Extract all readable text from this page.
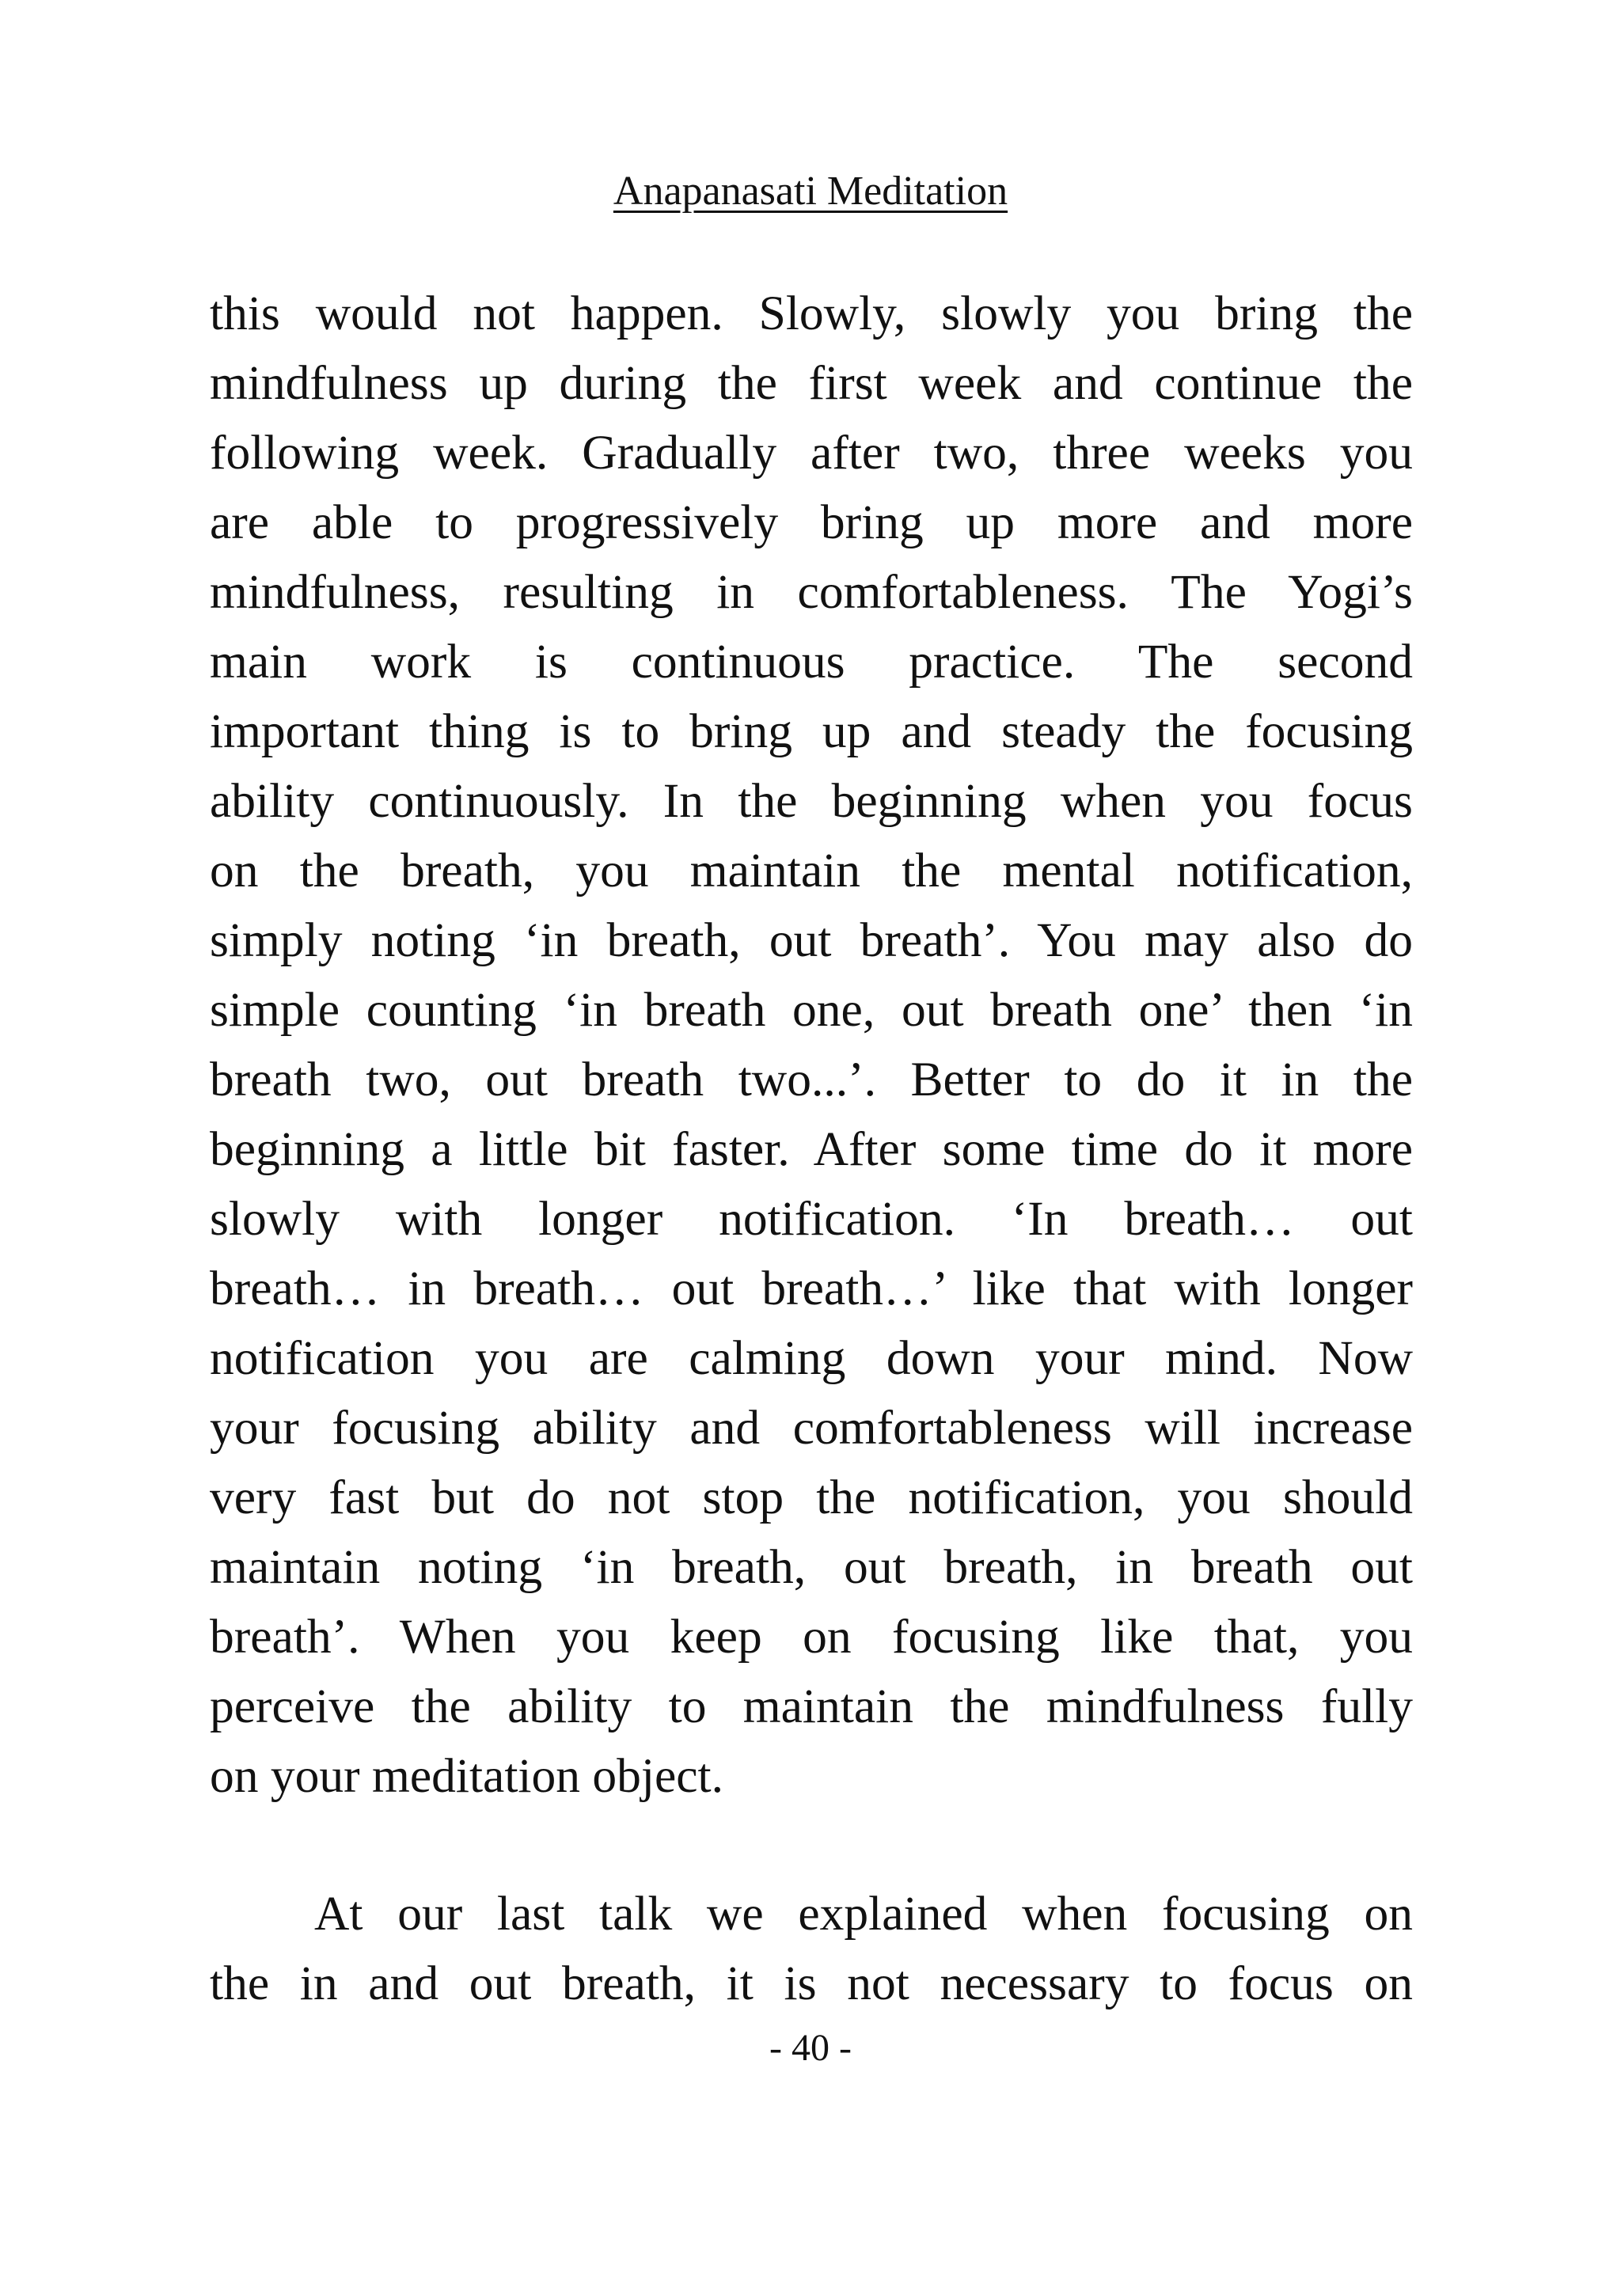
Anapanasati Meditation
this would not happen. Slowly, slowly you bring the
mindfulness up during the first week and continue the
following week. Gradually after two, three weeks you
are able to progressively bring up more and more
mindfulness, resulting in comfortableness. The Yogi’s
main work is continuous practice. The second
important thing is to bring up and steady the focusing
ability continuously. In the beginning when you focus
on the breath, you maintain the mental notification,
simply noting ‘in breath, out breath’. You may also do
simple counting ‘in breath one, out breath one’ then ‘in
breath two, out breath two...’. Better to do it in the
beginning a little bit faster. After some time do it more
slowly with longer notification. ‘In breath… out
breath… in breath… out breath…’ like that with longer
notification you are calming down your mind. Now
your focusing ability and comfortableness will increase
very fast but do not stop the notification, you should
maintain noting ‘in breath, out breath, in breath out
breath’. When you keep on focusing like that, you
perceive the ability to maintain the mindfulness fully
on your meditation object.
At our last talk we explained when focusing on
the in and out breath, it is not necessary to focus on
- 40 -
